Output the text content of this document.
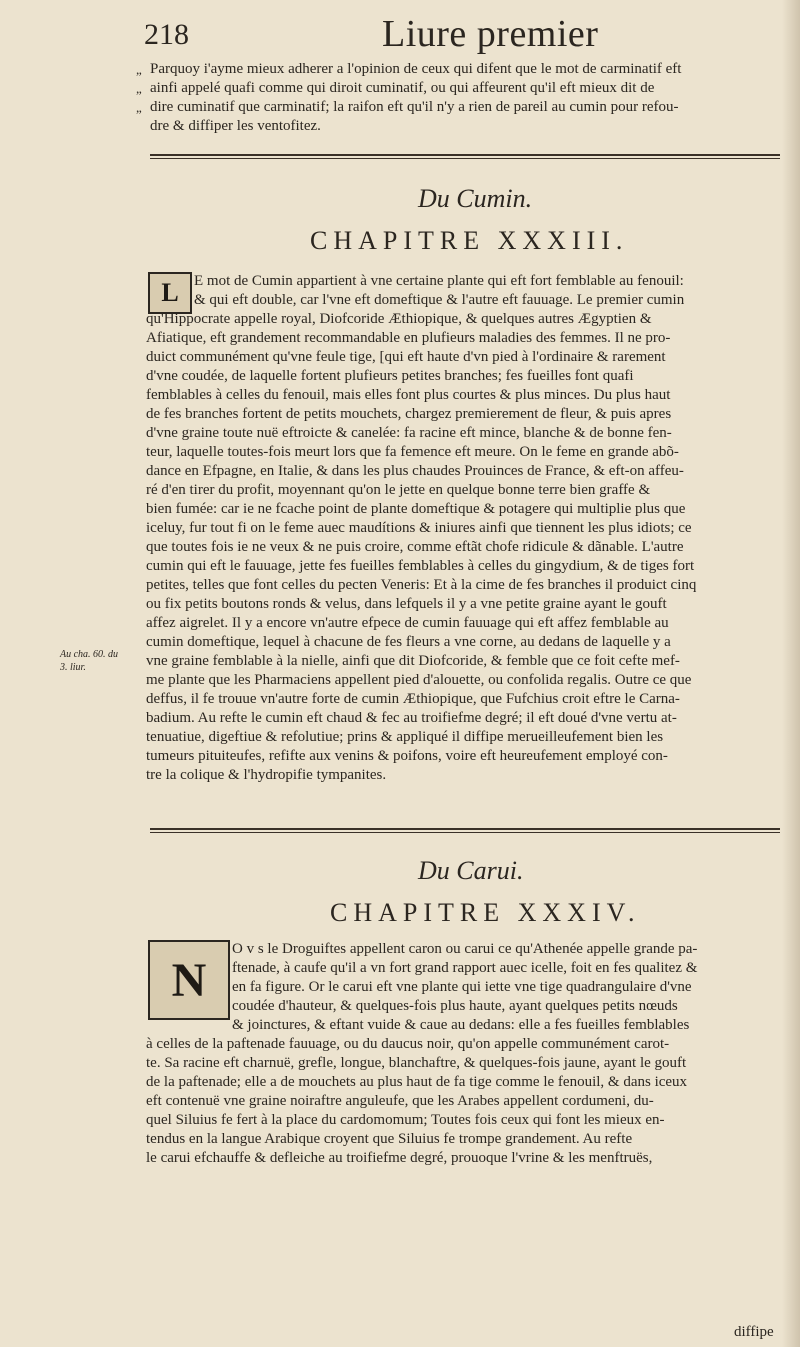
218	Liure premier
„ Parquoy i'ayme mieux adherer a l'opinion de ceux qui difent que le mot de carminatif eft
„ ainfi appelé quafi comme qui diroit cuminatif, ou qui affeurent qu'il eft mieux dit de
„ dire cuminatif que carminatif; la raifon eft qu'il n'y a rien de pareil au cumin pour refou-
dre & diffiper les ventofitez.
Du Cumin.
CHAPITRE XXXIII.
L	E mot de Cumin appartient à vne certaine plante qui eft fort femblable au fenouil:
& qui eft double, car l'vne eft domeftique & l'autre eft fauuage. Le premier cumin
qu'Hippocrate appelle royal, Diofcoride Æthiopique, & quelques autres Ægyptien &
Afiatique, eft grandement recommandable en plufieurs maladies des femmes. Il ne pro-
duict communément qu'vne feule tige, [qui eft haute d'vn pied à l'ordinaire & rarement
d'vne coudée, de laquelle fortent plufieurs petites branches; fes fueilles font quafi
femblables à celles du fenouil, mais elles font plus courtes & plus minces. Du plus haut
de fes branches fortent de petits mouchets, chargez premierement de fleur, & puis apres
d'vne graine toute nuë eftroicte & canelée: fa racine eft mince, blanche & de bonne fen-
teur, laquelle toutes-fois meurt lors que fa femence eft meure. On le feme en grande abõ-
dance en Efpagne, en Italie, & dans les plus chaudes Prouinces de France, & eft-on affeu-
ré d'en tirer du profit, moyennant qu'on le jette en quelque bonne terre bien graffe &
bien fumée: car ie ne fcache point de plante domeftique & potagere qui multiplie plus que
iceluy, fur tout fi on le feme auec maudítions & iniures ainfi que tiennent les plus idiots; ce
que toutes fois ie ne veux & ne puis croire, comme eftãt chofe ridicule & dãnable. L'autre
cumin qui eft le fauuage, jette fes fueilles femblables à celles du gingydium, & de tiges fort
petites, telles que font celles du pecten Veneris: Et à la cime de fes branches il produict cinq
ou fix petits boutons ronds & velus, dans lefquels il y a vne petite graine ayant le gouft
affez aigrelet. Il y a encore vn'autre efpece de cumin fauuage qui eft affez femblable au
cumin domeftique, lequel à chacune de fes fleurs a vne corne, au dedans de laquelle y a
vne graine femblable à la nielle, ainfi que dit Diofcoride, & femble que ce foit cefte mef-
me plante que les Pharmaciens appellent pied d'alouette, ou confolida regalis. Outre ce que
deffus, il fe trouue vn'autre forte de cumin Æthiopique, que Fufchius croit eftre le Carna-
badium. Au refte le cumin eft chaud & fec au troifiefme degré; il eft doué d'vne vertu at-
tenuatiue, digeftiue & refolutiue; prins & appliqué il diffipe merueilleufement bien les
tumeurs pituiteufes, refifte aux venins & poifons, voire eft heureufement employé con-
tre la colique & l'hydropifie tympanites.
Au cha. 60. du 3. liur.
Du Carui.
CHAPITRE XXXIV.
N
O v s le Droguiftes appellent caron ou carui ce qu'Athenée appelle grande pa-
ftenade, à caufe qu'il a vn fort grand rapport auec icelle, foit en fes qualitez &
en fa figure. Or le carui eft vne plante qui iette vne tige quadrangulaire d'vne
coudée d'hauteur, & quelques-fois plus haute, ayant quelques petits nœuds
& joinctures, & eftant vuide & caue au dedans: elle a fes fueilles femblables
à celles de la paftenade fauuage, ou du daucus noir, qu'on appelle communément carot-
te. Sa racine eft charnuë, grefle, longue, blanchaftre, & quelques-fois jaune, ayant le gouft
de la paftenade; elle a de mouchets au plus haut de fa tige comme le fenouil, & dans iceux
eft contenuë vne graine noiraftre anguleufe, que les Arabes appellent cordumeni, du-
quel Siluius fe fert à la place du cardomomum; Toutes fois ceux qui font les mieux en-
tendus en la langue Arabique croyent que Siluius fe trompe grandement. Au refte
le carui efchauffe & defleiche au troifiefme degré, prouoque l'vrine & les menftruës,
diffipe
